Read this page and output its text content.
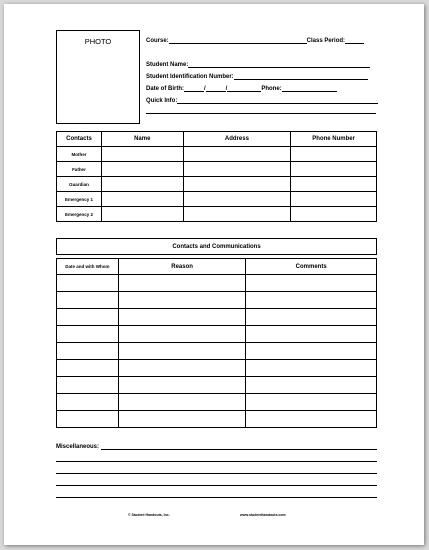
PHOTO	Course:	Class Period:
Student Name:
Student Identification Number:
Date of Birth:	/	/	Phone:
Quick Info:
Contacts	Name	Address	Phone Number
Mother			
Father			
Guardian			
Emergency 1			
Emergency 2			
Contacts and Communications
Date and with Whom	Reason	Comments

Miscellaneous:
© Student Handouts, Inc.	www.studenthandouts.com
